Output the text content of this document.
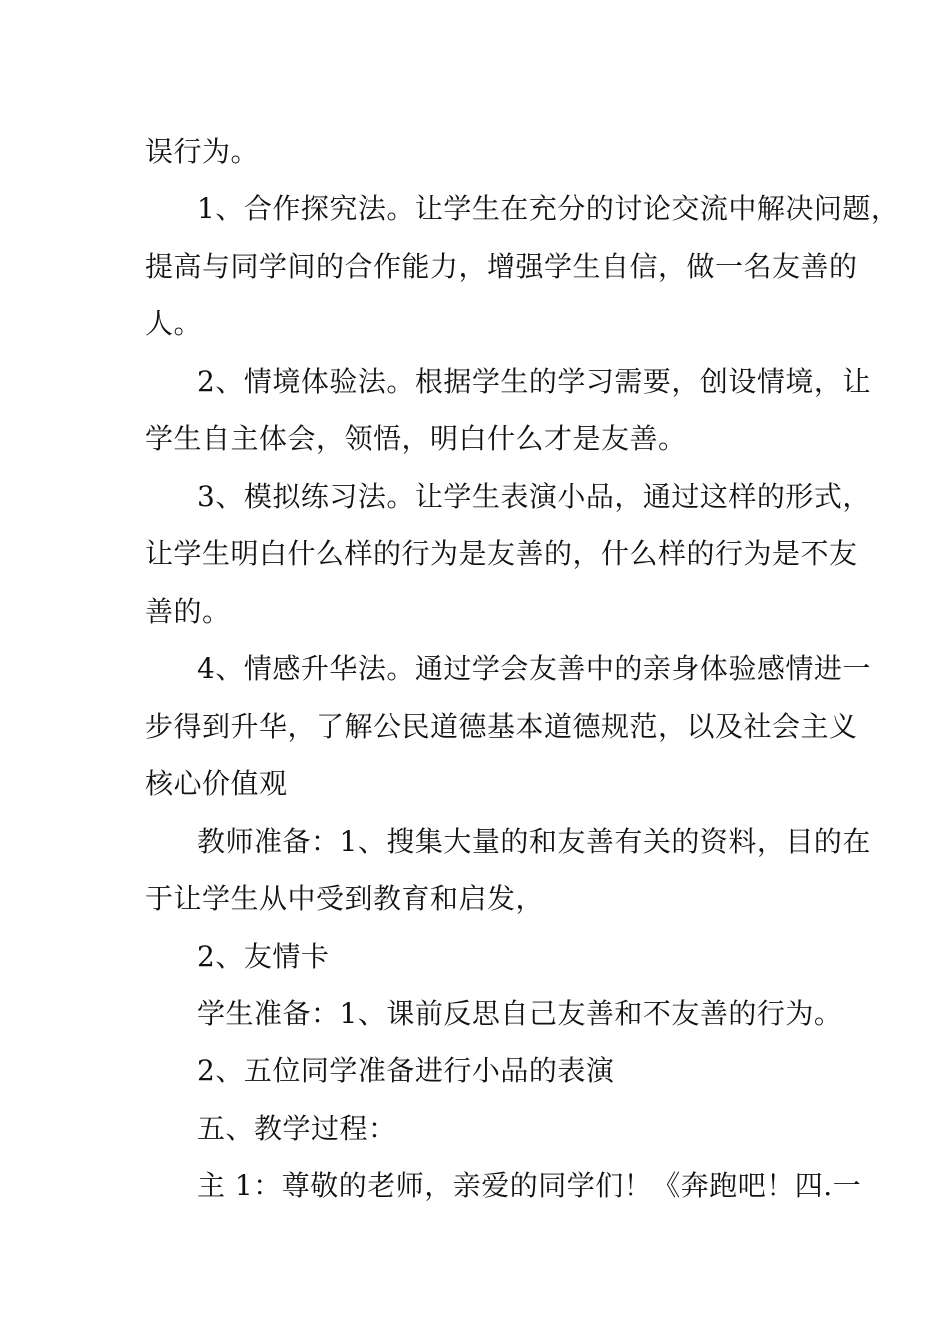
误行为。

1、合作探究法。让学生在充分的讨论交流中解决问题，

提高与同学间的合作能力，增强学生自信，做一名友善的

人。

2、情境体验法。根据学生的学习需要，创设情境，让

学生自主体会，领悟，明白什么才是友善。

3、模拟练习法。让学生表演小品，通过这样的形式，

让学生明白什么样的行为是友善的，什么样的行为是不友

善的。

4、情感升华法。通过学会友善中的亲身体验感情进一

步得到升华，了解公民道德基本道德规范，以及社会主义

核心价值观

教师准备：1、搜集大量的和友善有关的资料，目的在

于让学生从中受到教育和启发，

2、友情卡

学生准备：1、课前反思自己友善和不友善的行为。

2、五位同学准备进行小品的表演

五、教学过程：

主 1：尊敬的老师，亲爱的同学们！《奔跑吧！四.一
